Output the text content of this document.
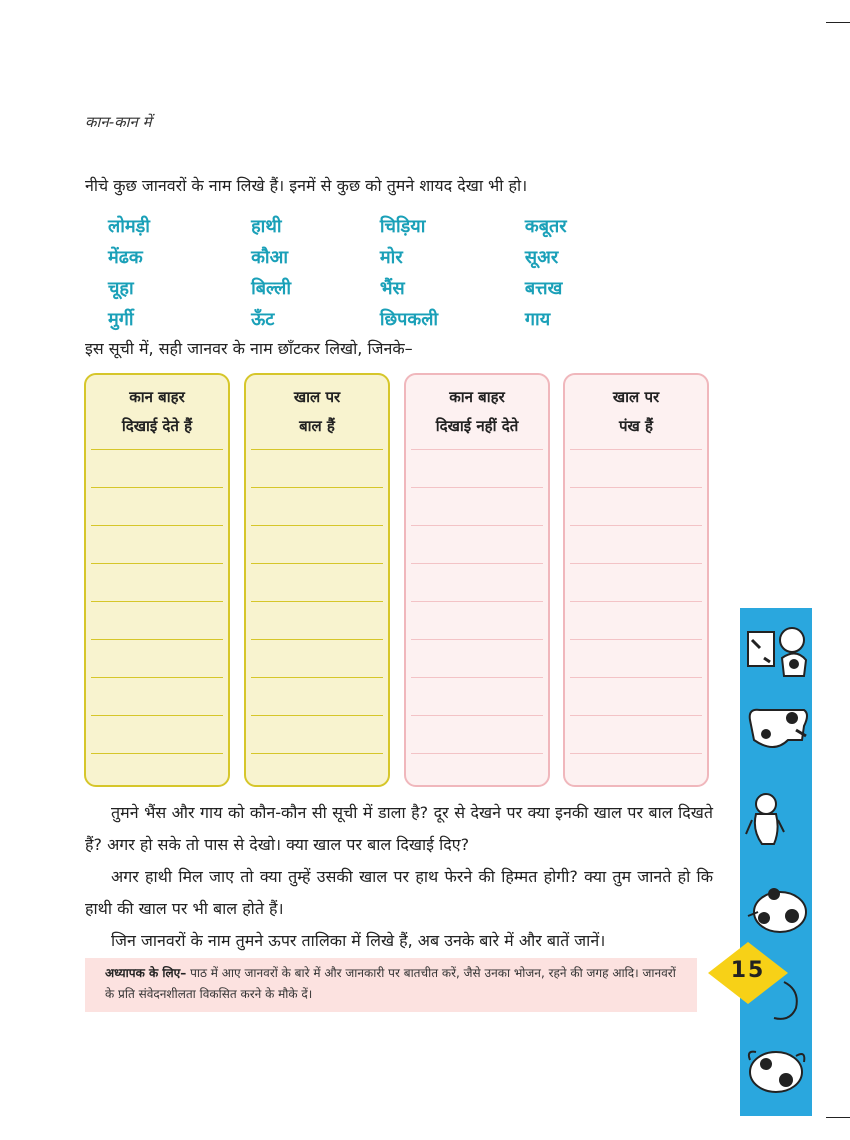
कान-कान में
नीचे कुछ जानवरों के नाम लिखे हैं। इनमें से कुछ को तुमने शायद देखा भी हो।
लोमड़ी	हाथी	चिड़िया	कबूतर
मेंढक	कौआ	मोर	सूअर
चूहा	बिल्ली	भैंस	बत्तख
मुर्गी	ऊँट	छिपकली	गाय
इस सूची में, सही जानवर के नाम छाँटकर लिखो, जिनके–
कान बाहर
दिखाई देते हैं
खाल पर
बाल हैं
कान बाहर
दिखाई नहीं देते
खाल पर
पंख हैं
तुमने भैंस और गाय को कौन-कौन सी सूची में डाला है? दूर से देखने पर क्या इनकी खाल पर बाल दिखते हैं? अगर हो सके तो पास से देखो। क्या खाल पर बाल दिखाई दिए?
अगर हाथी मिल जाए तो क्या तुम्हें उसकी खाल पर हाथ फेरने की हिम्मत होगी? क्या तुम जानते हो कि हाथी की खाल पर भी बाल होते हैं।
जिन जानवरों के नाम तुमने ऊपर तालिका में लिखे हैं, अब उनके बारे में और बातें जानें।
अध्यापक के लिए– पाठ में आए जानवरों के बारे में और जानकारी पर बातचीत करें, जैसे उनका भोजन, रहने की जगह आदि। जानवरों के प्रति संवेदनशीलता विकसित करने के मौके दें।
15
